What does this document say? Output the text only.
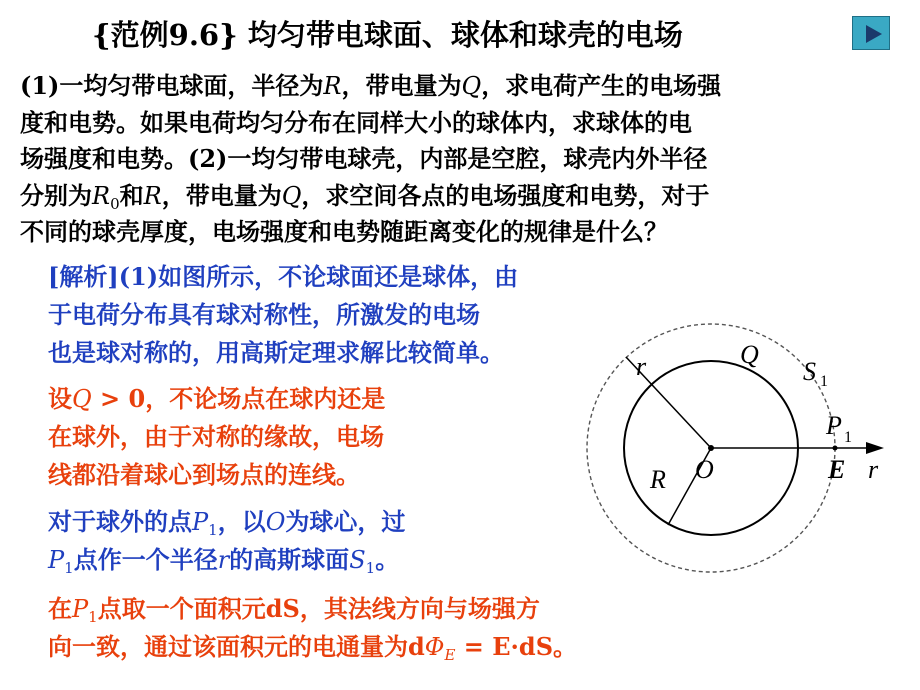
{范例9.6} 均匀带电球面、球体和球壳的电场
(1)一均匀带电球面，半径为R，带电量为Q，求电荷产生的电场强
度和电势。如果电荷均匀分布在同样大小的球体内，求球体的电
场强度和电势。(2)一均匀带电球壳，内部是空腔，球壳内外半径
分别为$R_0$和R，带电量为Q，求空间各点的电场强度和电势，对于
不同的球壳厚度，电场强度和电势随距离变化的规律是什么？
[解析](1)如图所示，不论球面还是球体，由
于电荷分布具有球对称性，所激发的电场
也是球对称的，用高斯定理求解比较简单。
设Q > 0，不论场点在球内还是
在球外，由于对称的缘故，电场
线都沿着球心到场点的连线。
对于球外的点$P_1$，以O为球心，过
$P_1$点作一个半径r的高斯球面$S_1$。
在$P_1$点取一个面积元dS，其法线方向与场强方
向一致，通过该面积元的电通量为$d\Phi_E = E\cdot dS$。
r	Q
S 1
P 1
O
R	E r
